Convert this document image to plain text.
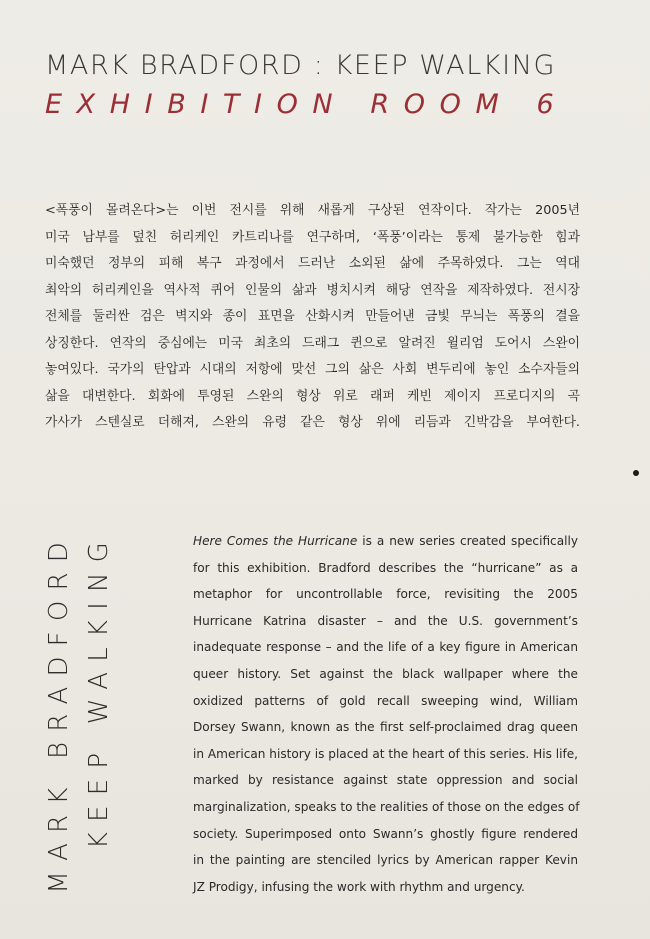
MARK BRADFORD : KEEP WALKING
EXHIBITION ROOM 6
<폭풍이 몰려온다>는 이번 전시를 위해 새롭게 구상된 연작이다. 작가는 2005년
미국 남부를 덮친 허리케인 카트리나를 연구하며, ‘폭풍’이라는 통제 불가능한 힘과
미숙했던 정부의 피해 복구 과정에서 드러난 소외된 삶에 주목하였다. 그는 역대
최악의 허리케인을 역사적 퀴어 인물의 삶과 병치시켜 해당 연작을 제작하였다. 전시장
전체를 둘러싼 검은 벽지와 종이 표면을 산화시켜 만들어낸 금빛 무늬는 폭풍의 결을
상징한다. 연작의 중심에는 미국 최초의 드래그 퀸으로 알려진 윌리엄 도어시 스완이
놓여있다. 국가의 탄압과 시대의 저항에 맞선 그의 삶은 사회 변두리에 놓인 소수자들의
삶을 대변한다. 회화에 투영된 스완의 형상 위로 래퍼 케빈 제이지 프로디지의 곡
가사가 스텐실로 더해져, 스완의 유령 같은 형상 위에 리듬과 긴박감을 부여한다.
MARK BRADFORD KEEP WALKING	Here Comes the Hurricane is a new series created specifically
for this exhibition. Bradford describes the “hurricane” as a
metaphor for uncontrollable force, revisiting the 2005
Hurricane Katrina disaster – and the U.S. government’s
inadequate response – and the life of a key figure in American
queer history. Set against the black wallpaper where the
oxidized patterns of gold recall sweeping wind, William
Dorsey Swann, known as the first self-proclaimed drag queen
in American history is placed at the heart of this series. His life,
marked by resistance against state oppression and social
marginalization, speaks to the realities of those on the edges of
society. Superimposed onto Swann’s ghostly figure rendered
in the painting are stenciled lyrics by American rapper Kevin
JZ Prodigy, infusing the work with rhythm and urgency.
